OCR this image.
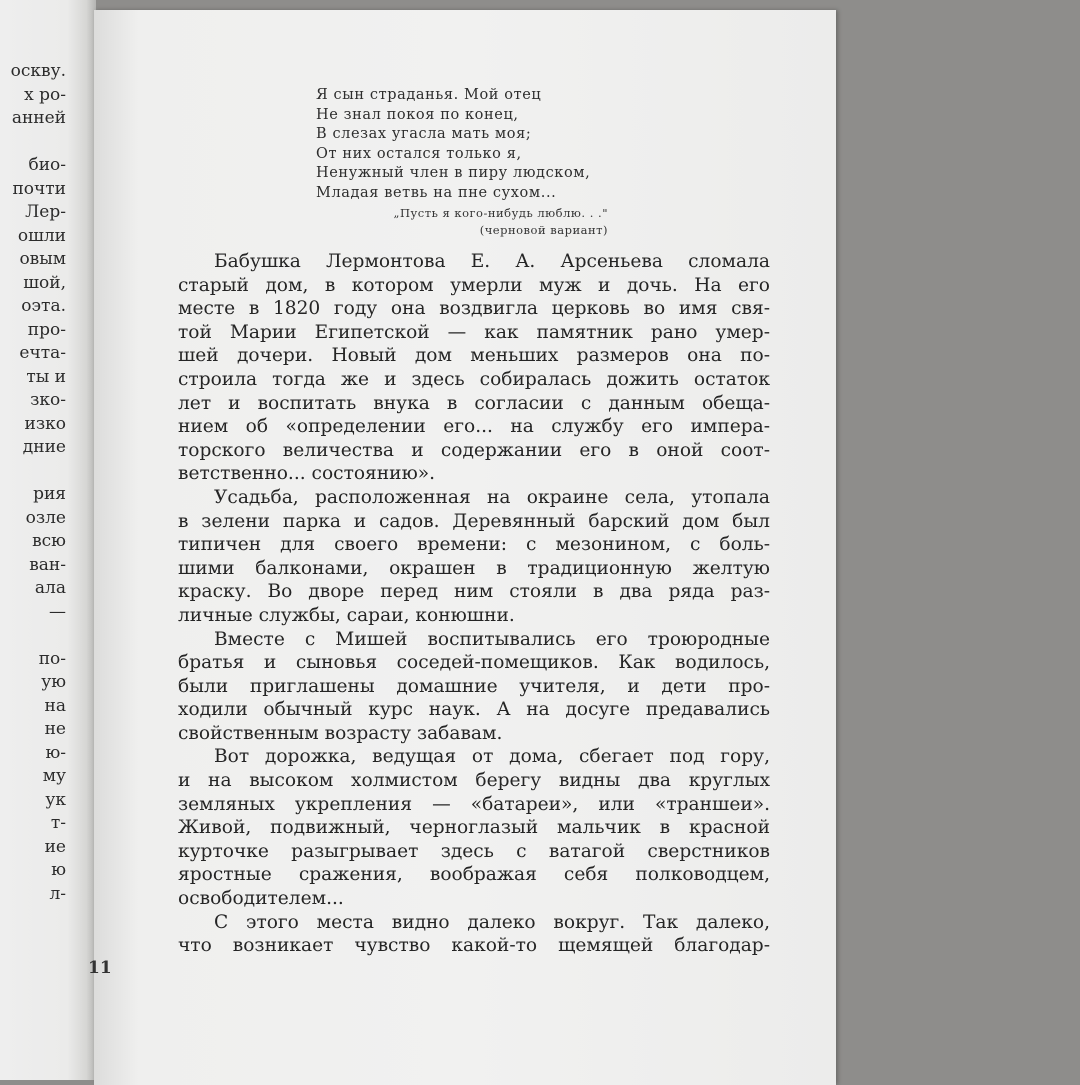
оскву.
х ро-
анней
био-
почти
Лер-
ошли
овым
шой,
оэта.
про-
ечта-
ты и
зко-
изко
дние
рия
озле
всю
ван-
ала
—
по-
ую
на
не
ю-
му
ук
т-
ие
ю
л-
11
Я сын страданья. Мой отец
Не знал покоя по конец,
В слезах угасла мать моя;
От них остался только я,
Ненужный член в пиру людском,
Младая ветвь на пне сухом...
„Пусть я кого-нибудь люблю. . ."
(черновой вариант)
Бабушка Лермонтова Е. А. Арсеньева сломала
старый дом, в котором умерли муж и дочь. На его
месте в 1820 году она воздвигла церковь во имя свя-
той Марии Египетской — как памятник рано умер-
шей дочери. Новый дом меньших размеров она по-
строила тогда же и здесь собиралась дожить остаток
лет и воспитать внука в согласии с данным обеща-
нием об «определении его... на службу его импера-
торского величества и содержании его в оной соот-
ветственно... состоянию».
Усадьба, расположенная на окраине села, утопала
в зелени парка и садов. Деревянный барский дом был
типичен для своего времени: с мезонином, с боль-
шими балконами, окрашен в традиционную желтую
краску. Во дворе перед ним стояли в два ряда раз-
личные службы, сараи, конюшни.
Вместе с Мишей воспитывались его троюродные
братья и сыновья соседей-помещиков. Как водилось,
были приглашены домашние учителя, и дети про-
ходили обычный курс наук. А на досуге предавались
свойственным возрасту забавам.
Вот дорожка, ведущая от дома, сбегает под гору,
и на высоком холмистом берегу видны два круглых
земляных укрепления — «батареи», или «траншеи».
Живой, подвижный, черноглазый мальчик в красной
курточке разыгрывает здесь с ватагой сверстников
яростные сражения, воображая себя полководцем,
освободителем...
С этого места видно далеко вокруг. Так далеко,
что возникает чувство какой-то щемящей благодар-
